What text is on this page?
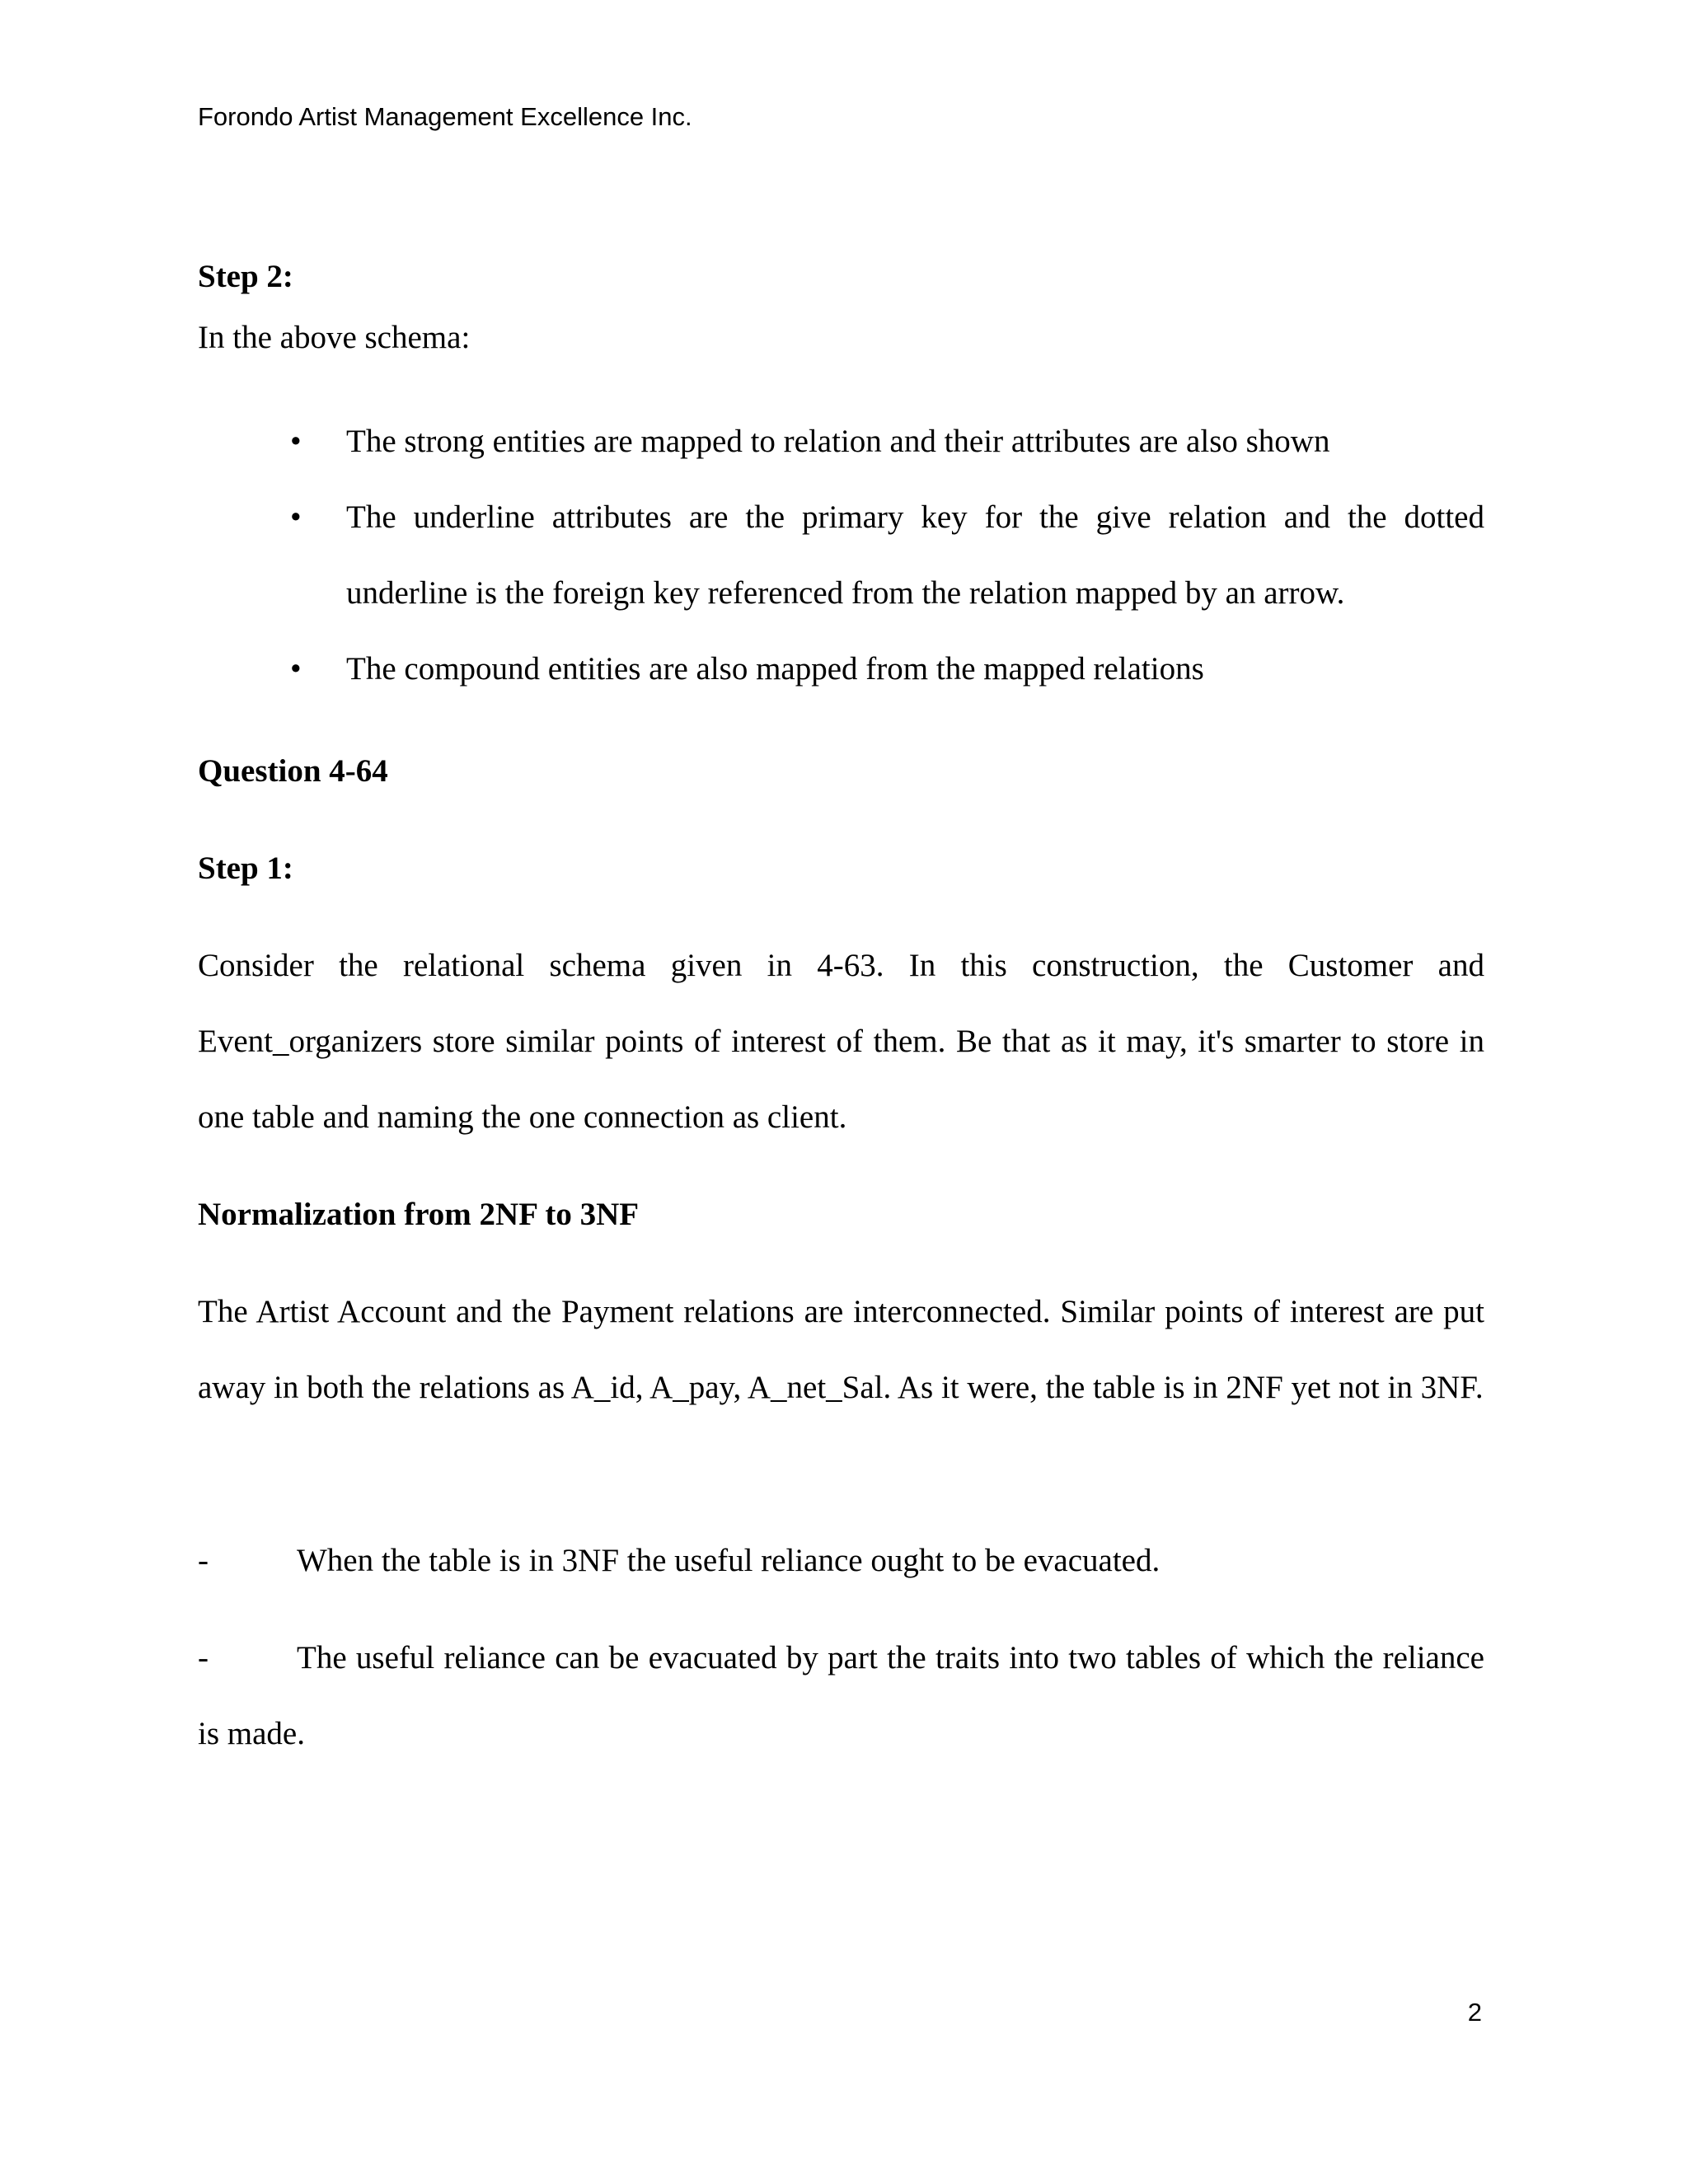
Forondo Artist Management Excellence Inc.
Step 2:
In the above schema:
• The strong entities are mapped to relation and their attributes are also shown
• The underline attributes are the primary key for the give relation and the dotted underline is the foreign key referenced from the relation mapped by an arrow.
• The compound entities are also mapped from the mapped relations
Question 4-64
Step 1:
Consider the relational schema given in 4-63. In this construction, the Customer and Event_organizers store similar points of interest of them. Be that as it may, it's smarter to store in one table and naming the one connection as client.
Normalization from 2NF to 3NF
The Artist Account and the Payment relations are interconnected. Similar points of interest are put away in both the relations as A_id, A_pay, A_net_Sal. As it were, the table is in 2NF yet not in 3NF.
-	When the table is in 3NF the useful reliance ought to be evacuated.
-	The useful reliance can be evacuated by part the traits into two tables of which the reliance is made.
2
